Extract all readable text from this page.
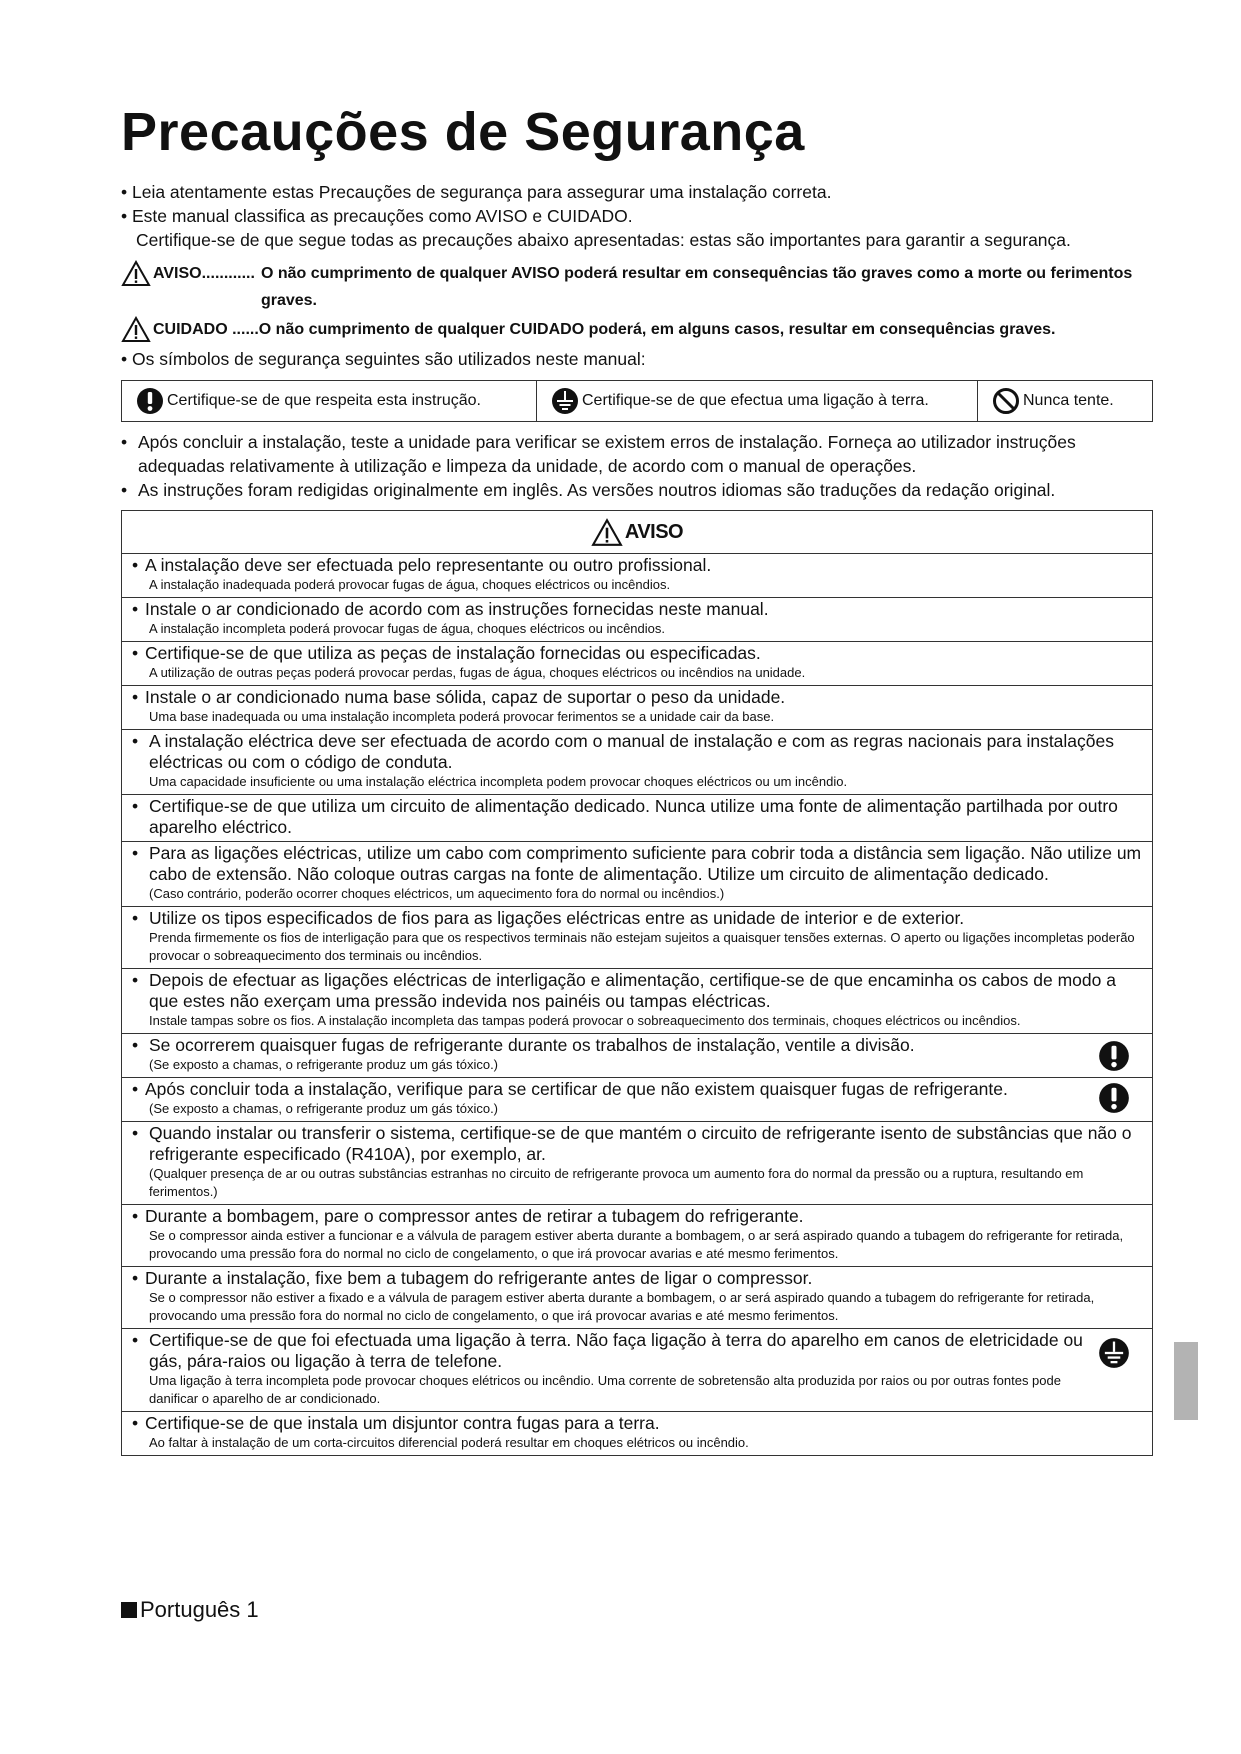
Precauções de Segurança
• Leia atentamente estas Precauções de segurança para assegurar uma instalação correta.
• Este manual classifica as precauções como AVISO e CUIDADO.
Certifique-se de que segue todas as precauções abaixo apresentadas: estas são importantes para garantir a segurança.
AVISO............ O não cumprimento de qualquer AVISO poderá resultar em consequências tão graves como a morte ou ferimentos graves.
CUIDADO ...... O não cumprimento de qualquer CUIDADO poderá, em alguns casos, resultar em consequências graves.
• Os símbolos de segurança seguintes são utilizados neste manual:
Certifique-se de que respeita esta instrução.	Certifique-se de que efectua uma ligação à terra.	Nunca tente.
• Após concluir a instalação, teste a unidade para verificar se existem erros de instalação. Forneça ao utilizador instruções adequadas relativamente à utilização e limpeza da unidade, de acordo com o manual de operações.
• As instruções foram redigidas originalmente em inglês. As versões noutros idiomas são traduções da redação original.
AVISO
• A instalação deve ser efectuada pelo representante ou outro profissional.
A instalação inadequada poderá provocar fugas de água, choques eléctricos ou incêndios.
• Instale o ar condicionado de acordo com as instruções fornecidas neste manual.
A instalação incompleta poderá provocar fugas de água, choques eléctricos ou incêndios.
• Certifique-se de que utiliza as peças de instalação fornecidas ou especificadas.
A utilização de outras peças poderá provocar perdas, fugas de água, choques eléctricos ou incêndios na unidade.
• Instale o ar condicionado numa base sólida, capaz de suportar o peso da unidade.
Uma base inadequada ou uma instalação incompleta poderá provocar ferimentos se a unidade cair da base.
• A instalação eléctrica deve ser efectuada de acordo com o manual de instalação e com as regras nacionais para instalações eléctricas ou com o código de conduta.
Uma capacidade insuficiente ou uma instalação eléctrica incompleta podem provocar choques eléctricos ou um incêndio.
• Certifique-se de que utiliza um circuito de alimentação dedicado. Nunca utilize uma fonte de alimentação partilhada por outro aparelho eléctrico.
• Para as ligações eléctricas, utilize um cabo com comprimento suficiente para cobrir toda a distância sem ligação. Não utilize um cabo de extensão. Não coloque outras cargas na fonte de alimentação. Utilize um circuito de alimentação dedicado.
(Caso contrário, poderão ocorrer choques eléctricos, um aquecimento fora do normal ou incêndios.)
• Utilize os tipos especificados de fios para as ligações eléctricas entre as unidade de interior e de exterior.
Prenda firmemente os fios de interligação para que os respectivos terminais não estejam sujeitos a quaisquer tensões externas. O aperto ou ligações incompletas poderão provocar o sobreaquecimento dos terminais ou incêndios.
• Depois de efectuar as ligações eléctricas de interligação e alimentação, certifique-se de que encaminha os cabos de modo a que estes não exerçam uma pressão indevida nos painéis ou tampas eléctricas.
Instale tampas sobre os fios. A instalação incompleta das tampas poderá provocar o sobreaquecimento dos terminais, choques eléctricos ou incêndios.
• Se ocorrerem quaisquer fugas de refrigerante durante os trabalhos de instalação, ventile a divisão.
(Se exposto a chamas, o refrigerante produz um gás tóxico.)
• Após concluir toda a instalação, verifique para se certificar de que não existem quaisquer fugas de refrigerante.
(Se exposto a chamas, o refrigerante produz um gás tóxico.)
• Quando instalar ou transferir o sistema, certifique-se de que mantém o circuito de refrigerante isento de substâncias que não o refrigerante especificado (R410A), por exemplo, ar.
(Qualquer presença de ar ou outras substâncias estranhas no circuito de refrigerante provoca um aumento fora do normal da pressão ou a ruptura, resultando em ferimentos.)
• Durante a bombagem, pare o compressor antes de retirar a tubagem do refrigerante.
Se o compressor ainda estiver a funcionar e a válvula de paragem estiver aberta durante a bombagem, o ar será aspirado quando a tubagem do refrigerante for retirada, provocando uma pressão fora do normal no ciclo de congelamento, o que irá provocar avarias e até mesmo ferimentos.
• Durante a instalação, fixe bem a tubagem do refrigerante antes de ligar o compressor.
Se o compressor não estiver a fixado e a válvula de paragem estiver aberta durante a bombagem, o ar será aspirado quando a tubagem do refrigerante for retirada, provocando uma pressão fora do normal no ciclo de congelamento, o que irá provocar avarias e até mesmo ferimentos.
• Certifique-se de que foi efectuada uma ligação à terra. Não faça ligação à terra do aparelho em canos de eletricidade ou gás, pára-raios ou ligação à terra de telefone.
Uma ligação à terra incompleta pode provocar choques elétricos ou incêndio. Uma corrente de sobretensão alta produzida por raios ou por outras fontes pode danificar o aparelho de ar condicionado.
• Certifique-se de que instala um disjuntor contra fugas para a terra.
Ao faltar à instalação de um corta-circuitos diferencial poderá resultar em choques elétricos ou incêndio.
Português 1
